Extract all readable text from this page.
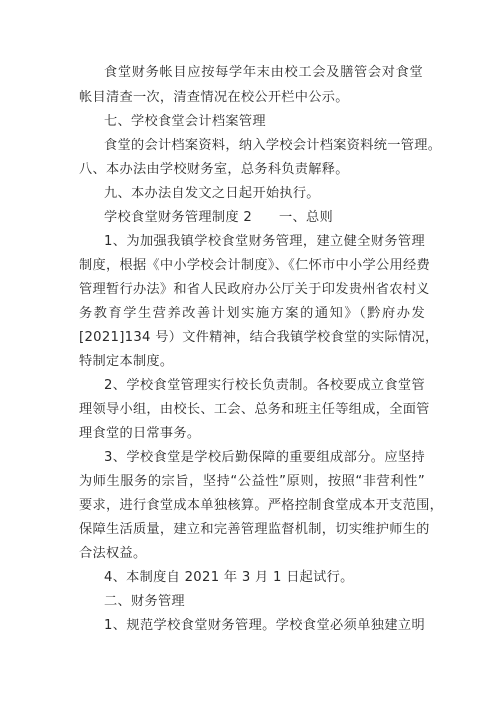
食堂财务帐目应按每学年末由校工会及膳管会对食堂
帐目清查一次，清查情况在校公开栏中公示。
七、学校食堂会计档案管理
食堂的会计档案资料，纳入学校会计档案资料统一管理。
八、本办法由学校财务室，总务科负责解释。
九、本办法自发文之日起开始执行。
学校食堂财务管理制度 2　　一、总则
1、为加强我镇学校食堂财务管理，建立健全财务管理
制度，根据《中小学校会计制度》、《仁怀市中小学公用经费
管理暂行办法》和省人民政府办公厅关于印发贵州省农村义
务教育学生营养改善计划实施方案的通知》（黔府办发
[2021]134 号）文件精神，结合我镇学校食堂的实际情况，
特制定本制度。
2、学校食堂管理实行校长负责制。各校要成立食堂管
理领导小组，由校长、工会、总务和班主任等组成，全面管
理食堂的日常事务。
3、学校食堂是学校后勤保障的重要组成部分。应坚持
为师生服务的宗旨，坚持“公益性”原则，按照“非营利性”
要求，进行食堂成本单独核算。严格控制食堂成本开支范围，
保障生活质量，建立和完善管理监督机制，切实维护师生的
合法权益。
4、本制度自 2021 年 3 月 1 日起试行。
二、财务管理
1、规范学校食堂财务管理。学校食堂必须单独建立明
